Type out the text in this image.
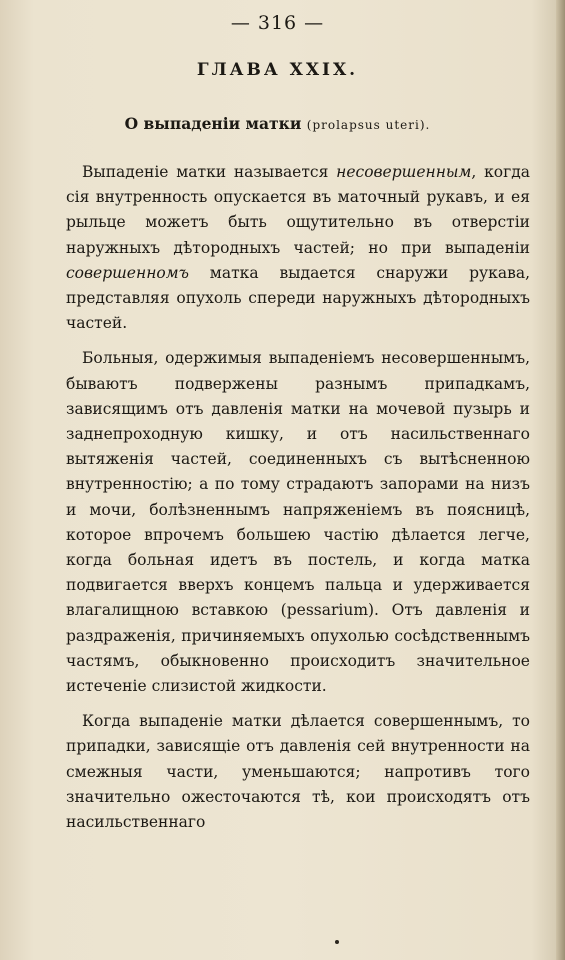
— 316 —
ГЛАВА XXIX.
О выпаденіи матки (prolapsus uteri).

Выпаденіе матки называется несовершенным, когда сія внутренность опускается въ маточный рукавъ, и ея рыльце можетъ быть ощутительно въ отверстіи наружныхъ дѣтородныхъ частей; но при выпаденіи совершенномъ матка выдается снаружи рукава, представляя опухоль спереди наружныхъ дѣтородныхъ частей.

Больныя, одержимыя выпаденіемъ несовершеннымъ, бываютъ подвержены разнымъ припадкамъ, зависящимъ отъ давленія матки на мочевой пузырь и заднепроходную кишку, и отъ насильственнаго вытяженія частей, соединенныхъ съ вытѣсненною внутренностію; а по тому страдаютъ запорами на низъ и мочи, болѣзненнымъ напряженіемъ въ поясницѣ, которое впрочемъ большею частію дѣлается легче, когда больная идетъ въ постель, и когда матка подвигается вверхъ концемъ пальца и удерживается влагалищною вставкою (pessarium). Отъ давленія и раздраженія, причиняемыхъ опухолью сосѣдственнымъ частямъ, обыкновенно происходитъ значительное истеченіе слизистой жидкости.

Когда выпаденіе матки дѣлается совершеннымъ, то припадки, зависящіе отъ давленія сей внутренности на смежныя части, уменьшаются; напротивъ того значительно ожесточаются тѣ, кои происходятъ отъ насильственнаго
